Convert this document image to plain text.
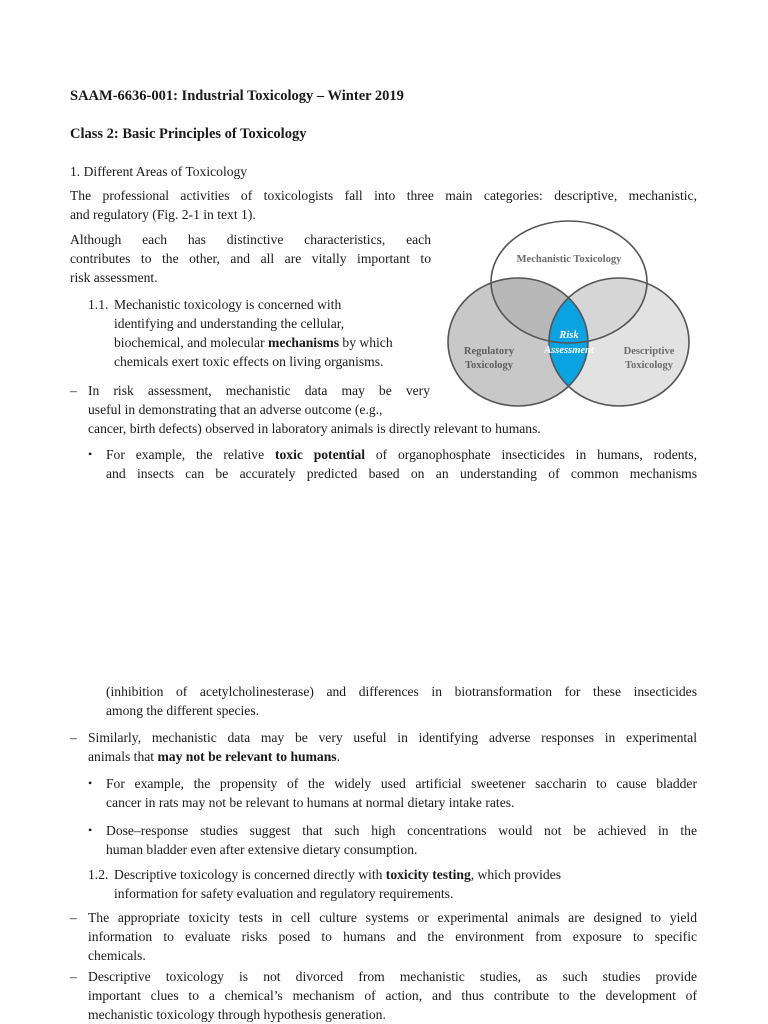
SAAM-6636-001: Industrial Toxicology – Winter 2019
Class 2: Basic Principles of Toxicology
1. Different Areas of Toxicology
The professional activities of toxicologists fall into three main categories: descriptive, mechanistic,
and regulatory (Fig. 2-1 in text 1).
Although each has distinctive characteristics, each
contributes to the other, and all are vitally important to
risk assessment.
1.1. Mechanistic toxicology is concerned with
identifying and understanding the cellular,
biochemical, and molecular mechanisms by which
chemicals exert toxic effects on living organisms.
– In risk assessment, mechanistic data may be very
useful in demonstrating that an adverse outcome (e.g.,
cancer, birth defects) observed in laboratory animals is directly relevant to humans.
• For example, the relative toxic potential of organophosphate insecticides in humans, rodents,
and insects can be accurately predicted based on an understanding of common mechanisms
(inhibition of acetylcholinesterase) and differences in biotransformation for these insecticides
among the different species.
– Similarly, mechanistic data may be very useful in identifying adverse responses in experimental
animals that may not be relevant to humans.
• For example, the propensity of the widely used artificial sweetener saccharin to cause bladder
cancer in rats may not be relevant to humans at normal dietary intake rates.
• Dose–response studies suggest that such high concentrations would not be achieved in the
human bladder even after extensive dietary consumption.
1.2. Descriptive toxicology is concerned directly with toxicity testing, which provides
information for safety evaluation and regulatory requirements.
– The appropriate toxicity tests in cell culture systems or experimental animals are designed to yield
information to evaluate risks posed to humans and the environment from exposure to specific
chemicals.
– Descriptive toxicology is not divorced from mechanistic studies, as such studies provide
important clues to a chemical’s mechanism of action, and thus contribute to the development of
mechanistic toxicology through hypothesis generation.
Mechanistic Toxicology
Regulatory
Toxicology
Descriptive
Toxicology
Risk
Assessment
